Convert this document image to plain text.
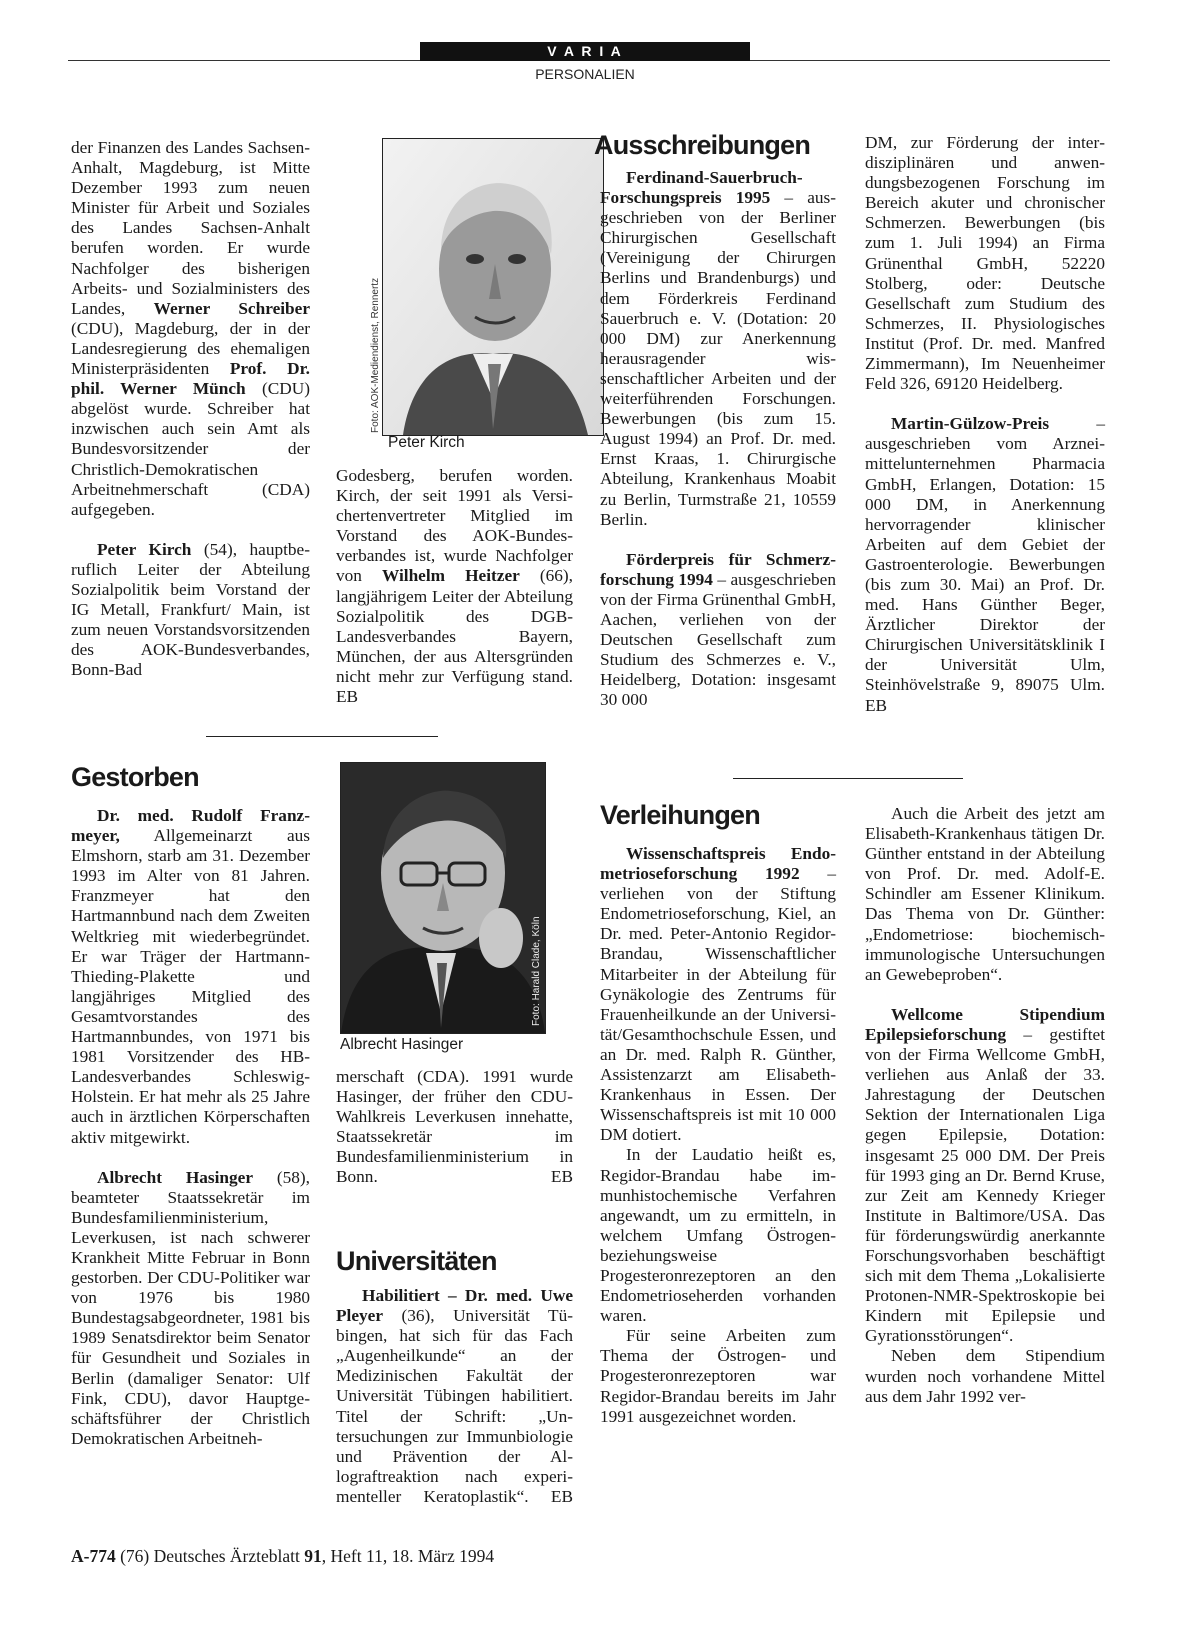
V A R I A
PERSONALIEN

der Finanzen des Landes Sachsen-Anhalt, Magdeburg, ist Mitte Dezember 1993 zum neuen Minister für Arbeit und Soziales des Landes Sachsen-Anhalt berufen worden. Er wurde Nachfolger des bisherigen Arbeits- und Sozialministers des Landes, Werner Schreiber (CDU), Magdeburg, der in der Landesregierung des ehemaligen Ministerpräsidenten Prof. Dr. phil. Werner Münch (CDU) abgelöst wurde. Schreiber hat inzwischen auch sein Amt als Bundesvorsitzender der Christlich-Demokratischen Arbeitnehmerschaft (CDA) aufgegeben.

Peter Kirch (54), hauptberuflich Leiter der Abteilung Sozialpolitik beim Vorstand der IG Metall, Frankfurt/ Main, ist zum neuen Vorstandsvorsitzenden des AOK-Bundesverbandes, Bonn-Bad

Foto: AOK-Mediendienst, Rennertz
Peter Kirch

Godesberg, berufen worden. Kirch, der seit 1991 als Versichertenvertreter Mitglied im Vorstand des AOK-Bundesverbandes ist, wurde Nachfolger von Wilhelm Heitzer (66), langjährigem Leiter der Abteilung Sozialpolitik des DGB-Landesverbandes Bayern, München, der aus Altersgründen nicht mehr zur Verfügung stand. EB

Ausschreibungen

Ferdinand-Sauerbruch-Forschungspreis 1995 – ausgeschrieben von der Berliner Chirurgischen Gesellschaft (Vereinigung der Chirurgen Berlins und Brandenburgs) und dem Förderkreis Ferdinand Sauerbruch e. V. (Dotation: 20 000 DM) zur Anerkennung herausragender wissenschaftlicher Arbeiten und der weiterführenden Forschungen. Bewerbungen (bis zum 15. August 1994) an Prof. Dr. med. Ernst Kraas, 1. Chirurgische Abteilung, Krankenhaus Moabit zu Berlin, Turmstraße 21, 10559 Berlin.

Förderpreis für Schmerzforschung 1994 – ausgeschrieben von der Firma Grünenthal GmbH, Aachen, verliehen von der Deutschen Gesellschaft zum Studium des Schmerzes e. V., Heidelberg, Dotation: insgesamt 30 000

DM, zur Förderung der interdisziplinären und anwendungsbezogenen Forschung im Bereich akuter und chronischer Schmerzen. Bewerbungen (bis zum 1. Juli 1994) an Firma Grünenthal GmbH, 52220 Stolberg, oder: Deutsche Gesellschaft zum Studium des Schmerzes, II. Physiologisches Institut (Prof. Dr. med. Manfred Zimmermann), Im Neuenheimer Feld 326, 69120 Heidelberg.

Martin-Gülzow-Preis – ausgeschrieben vom Arzneimittelunternehmen Pharmacia GmbH, Erlangen, Dotation: 15 000 DM, in Anerkennung hervorragender klinischer Arbeiten auf dem Gebiet der Gastroenterologie. Bewerbungen (bis zum 30. Mai) an Prof. Dr. med. Hans Günther Beger, Ärztlicher Direktor der Chirurgischen Universitätsklinik I der Universität Ulm, Steinhövelstraße 9, 89075 Ulm. EB

Gestorben

Dr. med. Rudolf Franzmeyer, Allgemeinarzt aus Elmshorn, starb am 31. Dezember 1993 im Alter von 81 Jahren. Franzmeyer hat den Hartmannbund nach dem Zweiten Weltkrieg mit wiederbegründet. Er war Träger der Hartmann-Thieding-Plakette und langjähriges Mitglied des Gesamtvorstandes des Hartmannbundes, von 1971 bis 1981 Vorsitzender des HB-Landesverbandes Schleswig-Holstein. Er hat mehr als 25 Jahre auch in ärztlichen Körperschaften aktiv mitgewirkt.

Albrecht Hasinger (58), beamteter Staatssekretär im Bundesfamilienministerium, Leverkusen, ist nach schwerer Krankheit Mitte Februar in Bonn gestorben. Der CDU-Politiker war von 1976 bis 1980 Bundestagsabgeordneter, 1981 bis 1989 Senatsdirektor beim Senator für Gesundheit und Soziales in Berlin (damaliger Senator: Ulf Fink, CDU), davor Hauptgeschäftsführer der Christlich Demokratischen Arbeitneh-

Foto: Harald Clade, Köln
Albrecht Hasinger

merschaft (CDA). 1991 wurde Hasinger, der früher den CDU-Wahlkreis Leverkusen innehatte, Staatssekretär im Bundesfamilienministerium in Bonn.	EB

Universitäten

Habilitiert – Dr. med. Uwe Pleyer (36), Universität Tübingen, hat sich für das Fach „Augenheilkunde“ an der Medizinischen Fakultät der Universität Tübingen habilitiert. Titel der Schrift: „Untersuchungen zur Immunbiologie und Prävention der Allograftreaktion nach experimenteller Keratoplastik“. EB

Verleihungen

Wissenschaftspreis Endometrioseforschung 1992 – verliehen von der Stiftung Endometrioseforschung, Kiel, an Dr. med. Peter-Antonio Regidor-Brandau, Wissenschaftlicher Mitarbeiter in der Abteilung für Gynäkologie des Zentrums für Frauenheilkunde an der Universität/Gesamthochschule Essen, und an Dr. med. Ralph R. Günther, Assistenzarzt am Elisabeth-Krankenhaus in Essen. Der Wissenschaftspreis ist mit 10 000 DM dotiert.

In der Laudatio heißt es, Regidor-Brandau habe immunhistochemische Verfahren angewandt, um zu ermitteln, in welchem Umfang Östrogen- beziehungsweise Progesteronrezeptoren an den Endometrioseherden vorhanden waren.

Für seine Arbeiten zum Thema der Östrogen- und Progesteronrezeptoren war Regidor-Brandau bereits im Jahr 1991 ausgezeichnet worden.

Auch die Arbeit des jetzt am Elisabeth-Krankenhaus tätigen Dr. Günther entstand in der Abteilung von Prof. Dr. med. Adolf-E. Schindler am Essener Klinikum. Das Thema von Dr. Günther: „Endometriose: biochemisch-immunologische Untersuchungen an Gewebeproben“.

Wellcome Stipendium Epilepsieforschung – gestiftet von der Firma Wellcome GmbH, verliehen aus Anlaß der 33. Jahrestagung der Deutschen Sektion der Internationalen Liga gegen Epilepsie, Dotation: insgesamt 25 000 DM. Der Preis für 1993 ging an Dr. Bernd Kruse, zur Zeit am Kennedy Krieger Institute in Baltimore/USA. Das für förderungswürdig anerkannte Forschungsvorhaben beschäftigt sich mit dem Thema „Lokalisierte Protonen-NMR-Spektroskopie bei Kindern mit Epilepsie und Gyrationsstörungen“.

Neben dem Stipendium wurden noch vorhandene Mittel aus dem Jahr 1992 ver-

A-774 (76) Deutsches Ärzteblatt 91, Heft 11, 18. März 1994
